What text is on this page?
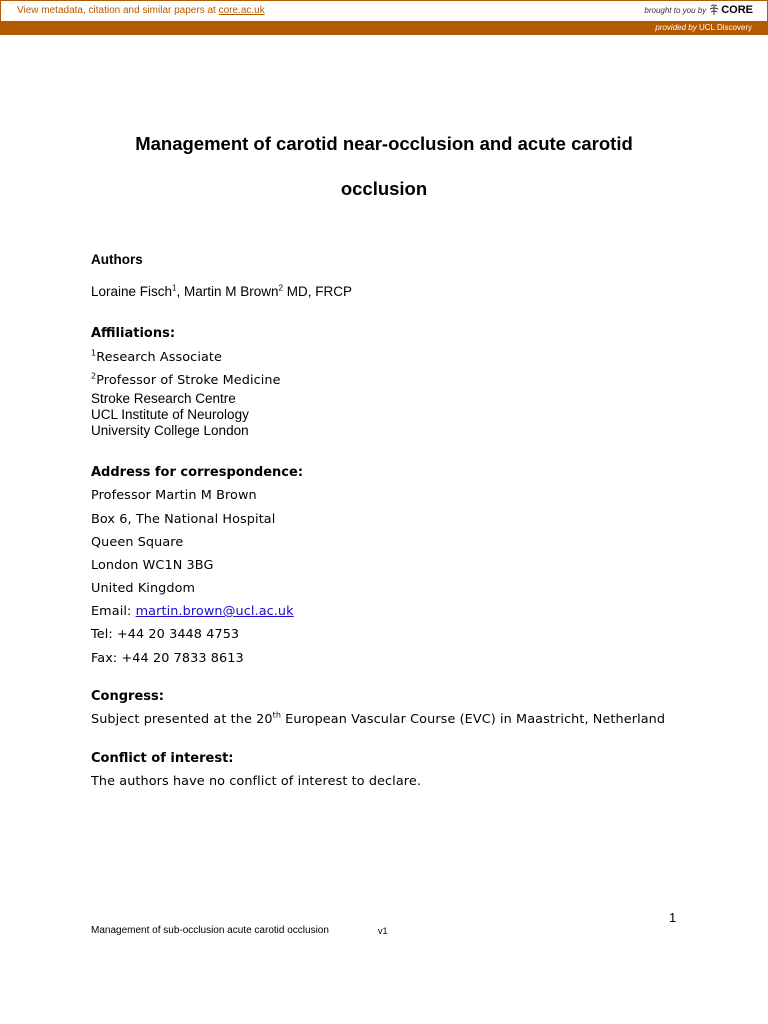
View metadata, citation and similar papers at core.ac.uk	brought to you by CORE
provided by UCL Discovery
Management of carotid near-occlusion and acute carotid
occlusion
Authors
Loraine Fisch$^1$, Martin M Brown$^2$ MD, FRCP
Affiliations:
$^1$Research Associate
$^2$Professor of Stroke Medicine
Stroke Research Centre
UCL Institute of Neurology
University College London
Address for correspondence:
Professor Martin M Brown
Box 6, The National Hospital
Queen Square
London WC1N 3BG
United Kingdom
Email: martin.brown@ucl.ac.uk
Tel: +44 20 3448 4753
Fax: +44 20 7833 8613
Congress:
Subject presented at the 20th European Vascular Course (EVC) in Maastricht, Netherland
Conflict of interest:
The authors have no conflict of interest to declare.
1
Management of sub-occlusion acute carotid occlusion	v1
